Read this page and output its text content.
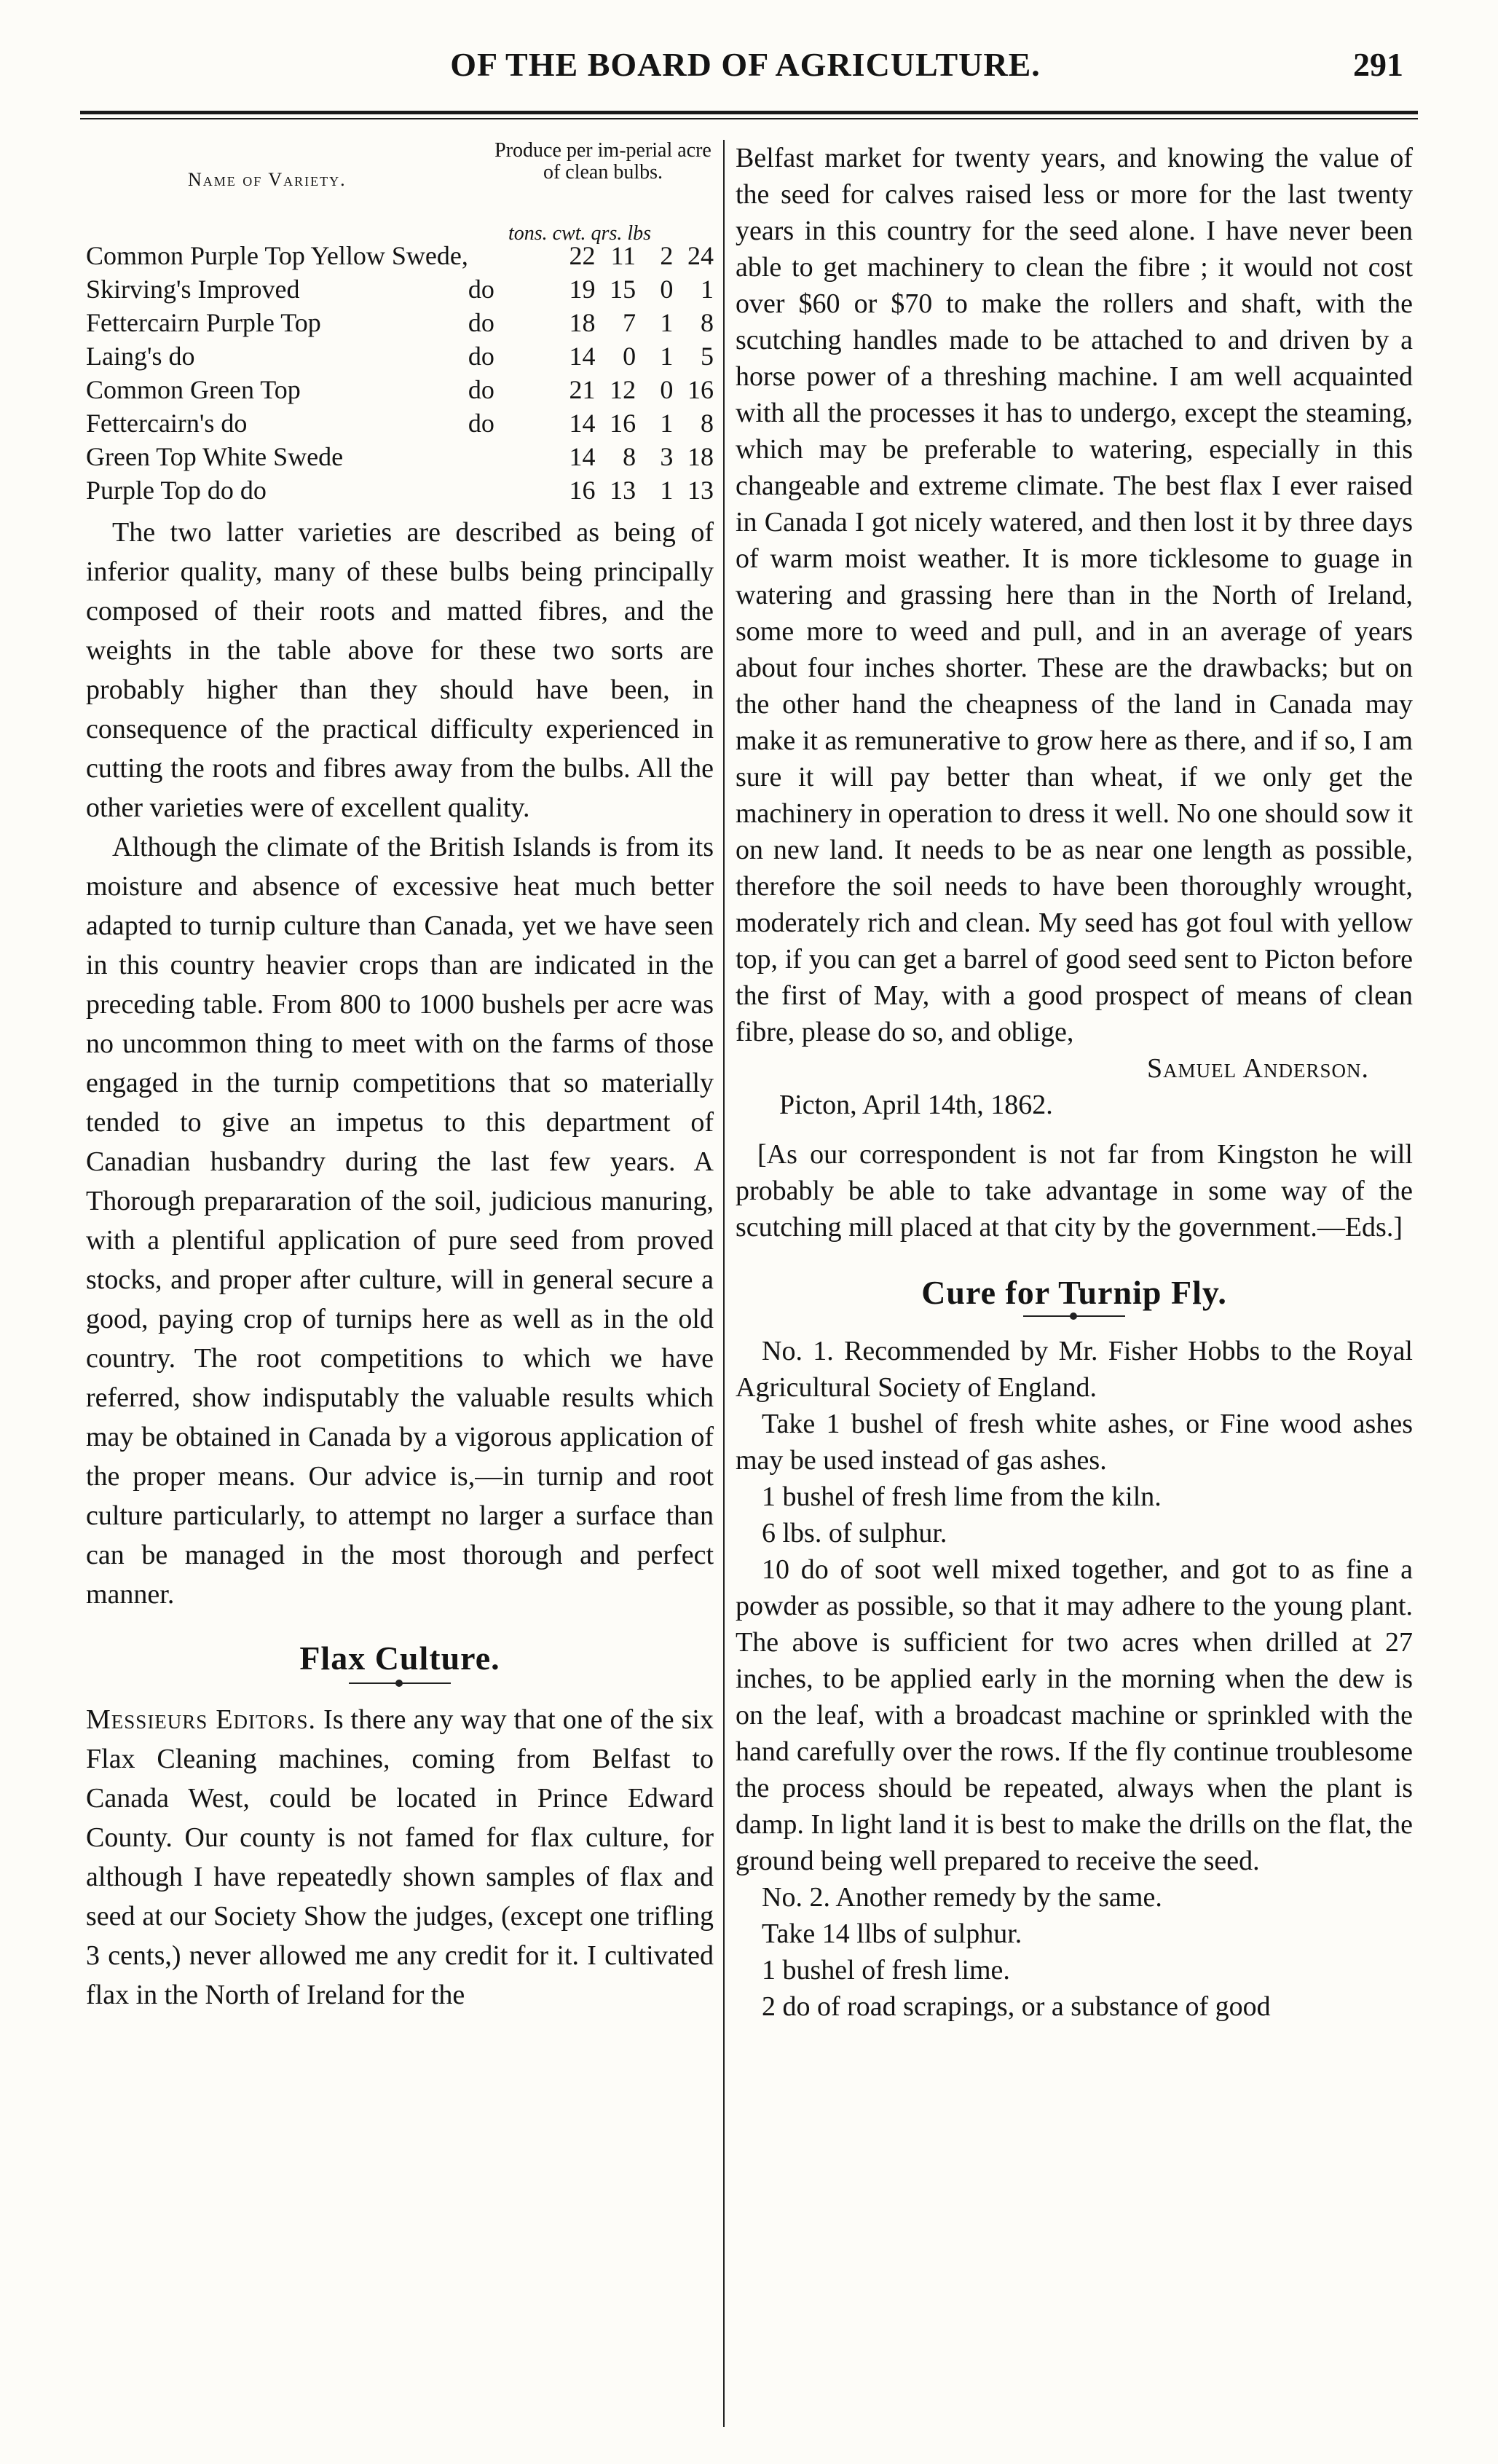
OF THE BOARD OF AGRICULTURE.	291
Name of Variety.
Produce per im-perial acre of clean bulbs.
tons. cwt. qrs. lbs
Common Purple Top Yellow Swede,		22	11	2	24
Skirving's Improved	do	19	15	0	1
Fettercairn Purple Top	do	18	7	1	8
Laing's do	do	14	0	1	5
Common Green Top	do	21	12	0	16
Fettercairn's do	do	14	16	1	8
Green Top White Swede		14	8	3	18
Purple Top do do		16	13	1	13

The two latter varieties are described as being of inferior quality, many of these bulbs being principally composed of their roots and matted fibres, and the weights in the table above for these two sorts are probably higher than they should have been, in consequence of the practical difficulty experienced in cutting the roots and fibres away from the bulbs. All the other varieties were of excellent quality.

Although the climate of the British Islands is from its moisture and absence of excessive heat much better adapted to turnip culture than Canada, yet we have seen in this country heavier crops than are indicated in the preceding table. From 800 to 1000 bushels per acre was no uncommon thing to meet with on the farms of those engaged in the turnip competitions that so materially tended to give an impetus to this department of Canadian husbandry during the last few years. A Thorough prepararation of the soil, judicious manuring, with a plentiful application of pure seed from proved stocks, and proper after culture, will in general secure a good, paying crop of turnips here as well as in the old country. The root competitions to which we have referred, show indisputably the valuable results which may be obtained in Canada by a vigorous application of the proper means. Our advice is,—in turnip and root culture particularly, to attempt no larger a surface than can be managed in the most thorough and perfect manner.

Flax Culture.

Messieurs Editors. Is there any way that one of the six Flax Cleaning machines, coming from Belfast to Canada West, could be located in Prince Edward County. Our county is not famed for flax culture, for although I have repeatedly shown samples of flax and seed at our Society Show the judges, (except one trifling 3 cents,) never allowed me any credit for it. I cultivated flax in the North of Ireland for the

Belfast market for twenty years, and knowing the value of the seed for calves raised less or more for the last twenty years in this country for the seed alone. I have never been able to get machinery to clean the fibre ; it would not cost over $60 or $70 to make the rollers and shaft, with the scutching handles made to be attached to and driven by a horse power of a threshing machine. I am well acquainted with all the processes it has to undergo, except the steaming, which may be preferable to watering, especially in this changeable and extreme climate. The best flax I ever raised in Canada I got nicely watered, and then lost it by three days of warm moist weather. It is more ticklesome to guage in watering and grassing here than in the North of Ireland, some more to weed and pull, and in an average of years about four inches shorter. These are the drawbacks; but on the other hand the cheapness of the land in Canada may make it as remunerative to grow here as there, and if so, I am sure it will pay better than wheat, if we only get the machinery in operation to dress it well. No one should sow it on new land. It needs to be as near one length as possible, therefore the soil needs to have been thoroughly wrought, moderately rich and clean. My seed has got foul with yellow top, if you can get a barrel of good seed sent to Picton before the first of May, with a good prospect of means of clean fibre, please do so, and oblige,

Samuel Anderson.

Picton, April 14th, 1862.

[As our correspondent is not far from Kingston he will probably be able to take advantage in some way of the scutching mill placed at that city by the government.—Eds.]

Cure for Turnip Fly.

No. 1. Recommended by Mr. Fisher Hobbs to the Royal Agricultural Society of England.

Take 1 bushel of fresh white ashes, or Fine wood ashes may be used instead of gas ashes.

1 bushel of fresh lime from the kiln.

6 lbs. of sulphur.

10 do of soot well mixed together, and got to as fine a powder as possible, so that it may adhere to the young plant. The above is sufficient for two acres when drilled at 27 inches, to be applied early in the morning when the dew is on the leaf, with a broadcast machine or sprinkled with the hand carefully over the rows. If the fly continue troublesome the process should be repeated, always when the plant is damp. In light land it is best to make the drills on the flat, the ground being well prepared to receive the seed.

No. 2. Another remedy by the same.

Take 14 llbs of sulphur.

1 bushel of fresh lime.

2 do of road scrapings, or a substance of good
